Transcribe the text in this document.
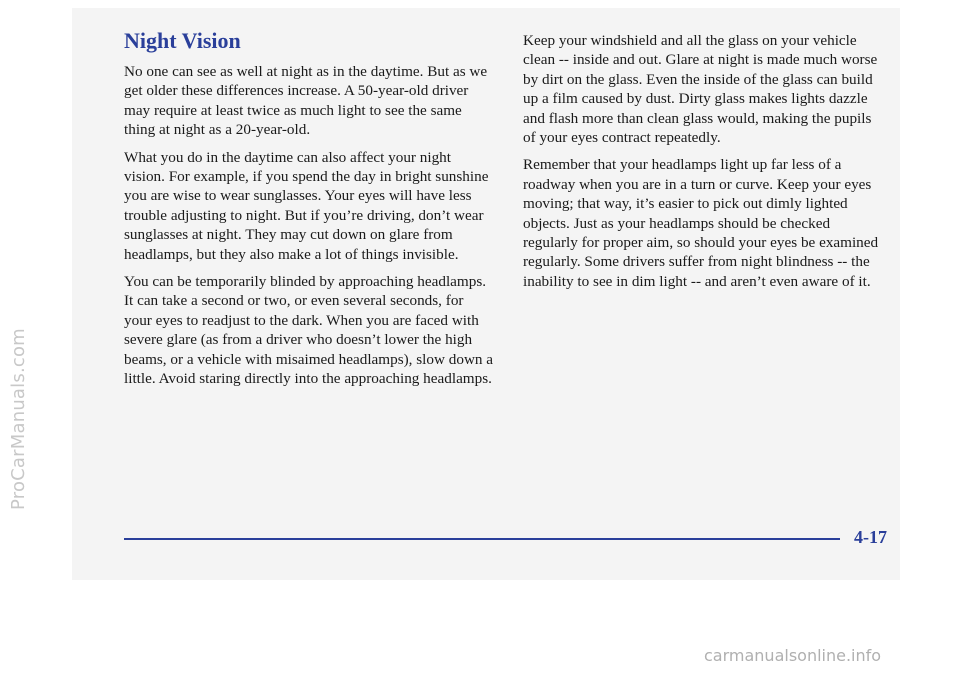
ProCarManuals.com
Night Vision

No one can see as well at night as in the daytime. But as we get older these differences increase. A 50-year-old driver may require at least twice as much light to see the same thing at night as a 20-year-old.

What you do in the daytime can also affect your night vision. For example, if you spend the day in bright sunshine you are wise to wear sunglasses. Your eyes will have less trouble adjusting to night. But if you’re driving, don’t wear sunglasses at night. They may cut down on glare from headlamps, but they also make a lot of things invisible.

You can be temporarily blinded by approaching headlamps. It can take a second or two, or even several seconds, for your eyes to readjust to the dark. When you are faced with severe glare (as from a driver who doesn’t lower the high beams, or a vehicle with misaimed headlamps), slow down a little. Avoid staring directly into the approaching headlamps.

Keep your windshield and all the glass on your vehicle clean -- inside and out. Glare at night is made much worse by dirt on the glass. Even the inside of the glass can build up a film caused by dust. Dirty glass makes lights dazzle and flash more than clean glass would, making the pupils of your eyes contract repeatedly.

Remember that your headlamps light up far less of a roadway when you are in a turn or curve. Keep your eyes moving; that way, it’s easier to pick out dimly lighted objects. Just as your headlamps should be checked regularly for proper aim, so should your eyes be examined regularly. Some drivers suffer from night blindness -- the inability to see in dim light -- and aren’t even aware of it.

4-17
carmanualsonline.info
